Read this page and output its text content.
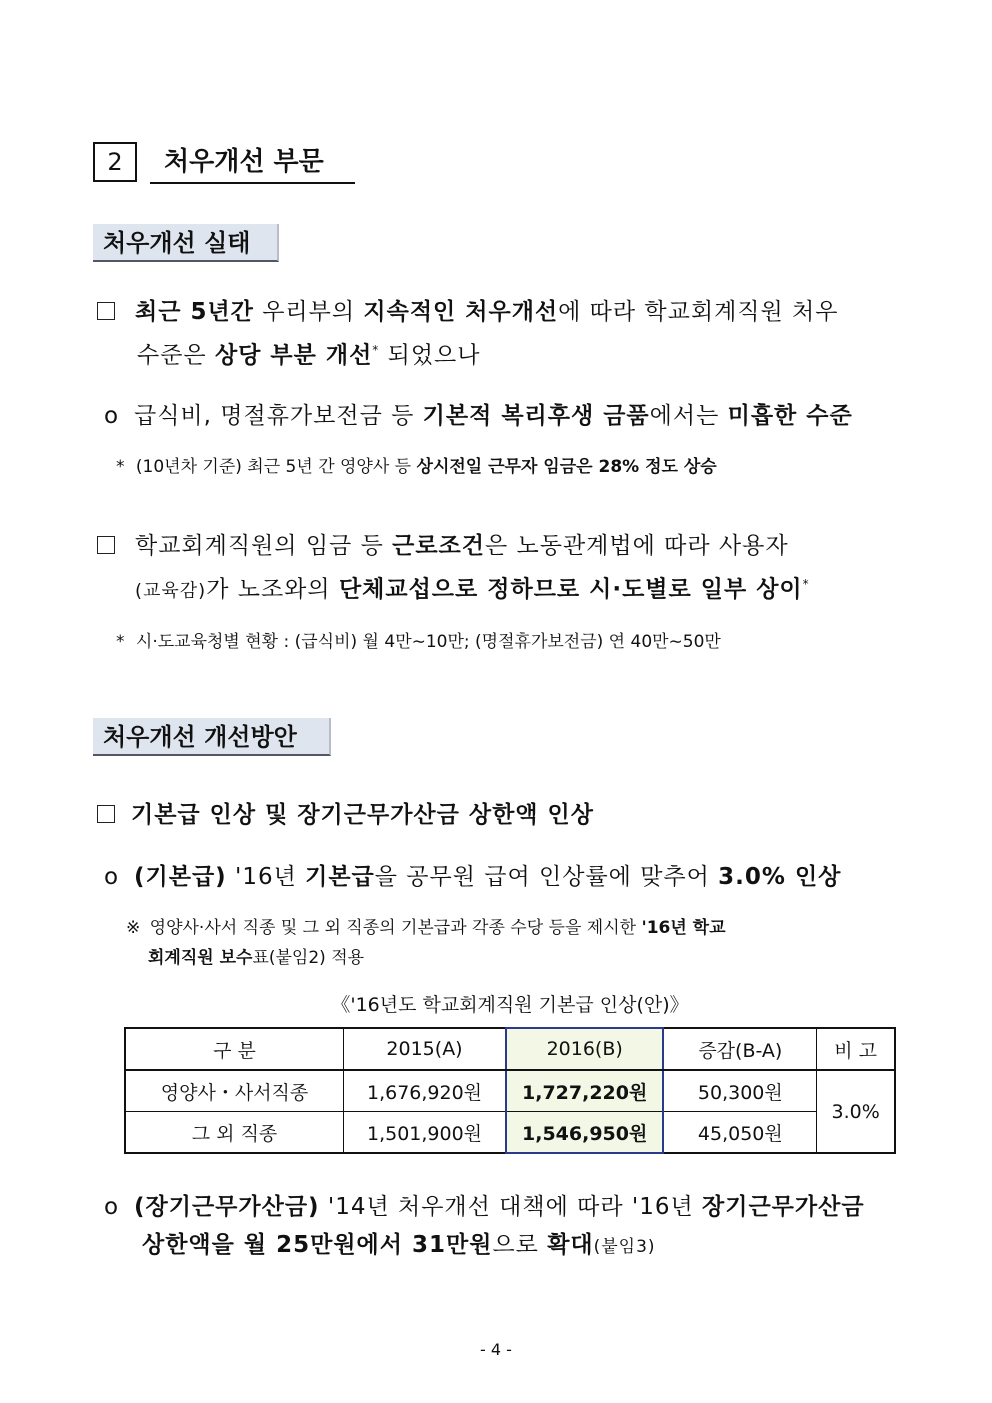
2	처우개선 부문
처우개선 실태
최근 5년간 우리부의 지속적인 처우개선에 따라 학교회계직원 처우
수준은 상당 부분 개선* 되었으나
o 급식비, 명절휴가보전금 등 기본적 복리후생 금품에서는 미흡한 수준
* (10년차 기준) 최근 5년 간 영양사 등 상시전일 근무자 임금은 28% 정도 상승
학교회계직원의 임금 등 근로조건은 노동관계법에 따라 사용자
(교육감)가 노조와의 단체교섭으로 정하므로 시·도별로 일부 상이*
* 시·도교육청별 현황 : (급식비) 월 4만∼10만; (명절휴가보전금) 연 40만∼50만
처우개선 개선방안
기본급 인상 및 장기근무가산금 상한액 인상
o (기본급) '16년 기본급을 공무원 급여 인상률에 맞추어 3.0% 인상
※ 영양사·사서 직종 및 그 외 직종의 기본급과 각종 수당 등을 제시한 '16년 학교
회계직원 보수표(붙임2) 적용
《'16년도 학교회계직원 기본급 인상(안)》
구 분	2015(A)	2016(B)	증감(B-A)	비 고
영양사・사서직종	1,676,920원	1,727,220원	50,300원	3.0%
그 외 직종	1,501,900원	1,546,950원	45,050원	
o (장기근무가산금) '14년 처우개선 대책에 따라 '16년 장기근무가산금
상한액을 월 25만원에서 31만원으로 확대(붙임3)
- 4 -
